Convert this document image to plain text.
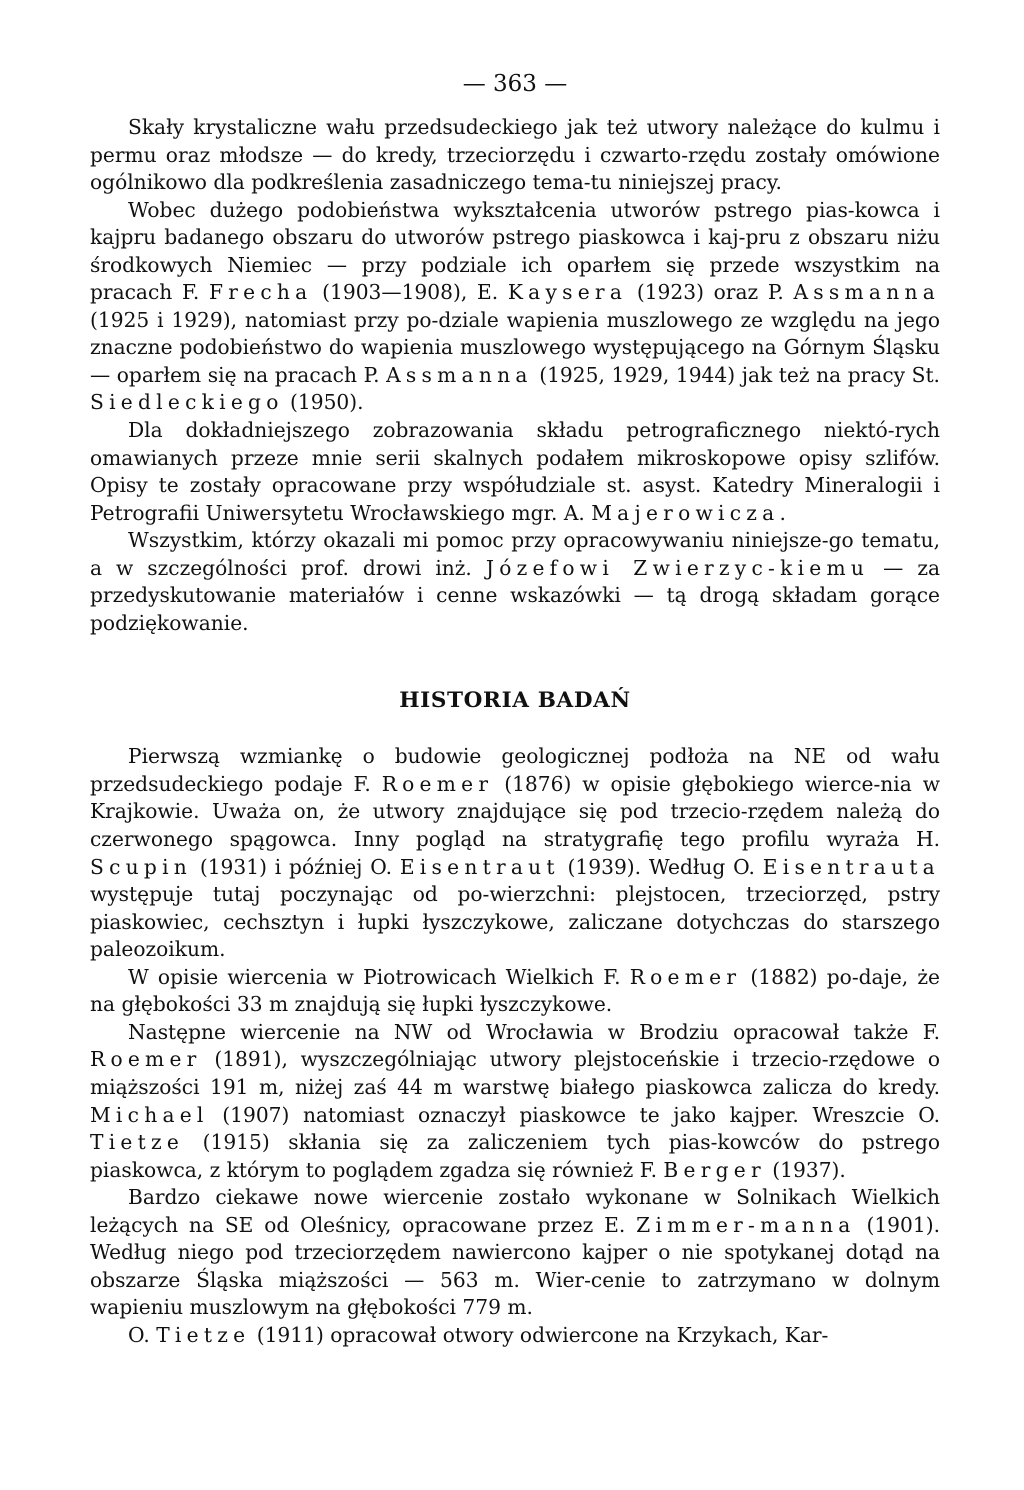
— 363 —

Skały krystaliczne wału przedsudeckiego jak też utwory należące do kulmu i permu oraz młodsze — do kredy, trzeciorzędu i czwarto-rzędu zostały omówione ogólnikowo dla podkreślenia zasadniczego tema-tu niniejszej pracy.

Wobec dużego podobieństwa wykształcenia utworów pstrego pias-kowca i kajpru badanego obszaru do utworów pstrego piaskowca i kaj-pru z obszaru niżu środkowych Niemiec — przy podziale ich oparłem się przede wszystkim na pracach F. Frecha (1903—1908), E. Kaysera (1923) oraz P. Assmanna (1925 i 1929), natomiast przy po-dziale wapienia muszlowego ze względu na jego znaczne podobieństwo do wapienia muszlowego występującego na Górnym Śląsku — oparłem się na pracach P. Assmanna (1925, 1929, 1944) jak też na pracy St. Siedleckiego (1950).

Dla dokładniejszego zobrazowania składu petrograficznego niektó-rych omawianych przeze mnie serii skalnych podałem mikroskopowe opisy szlifów. Opisy te zostały opracowane przy współudziale st. asyst. Katedry Mineralogii i Petrografii Uniwersytetu Wrocławskiego mgr. A. Majerowicza.

Wszystkim, którzy okazali mi pomoc przy opracowywaniu niniejsze-go tematu, a w szczególności prof. drowi inż. Józefowi Zwierzyc-kiemu — za przedyskutowanie materiałów i cenne wskazówki — tą drogą składam gorące podziękowanie.

HISTORIA BADAŃ

Pierwszą wzmiankę o budowie geologicznej podłoża na NE od wału przedsudeckiego podaje F. Roemer (1876) w opisie głębokiego wierce-nia w Krajkowie. Uważa on, że utwory znajdujące się pod trzecio-rzędem należą do czerwonego spągowca. Inny pogląd na stratygrafię tego profilu wyraża H. Scupin (1931) i później O. Eisentraut (1939). Według O. Eisentrauta występuje tutaj poczynając od po-wierzchni: plejstocen, trzeciorzęd, pstry piaskowiec, cechsztyn i łupki łyszczykowe, zaliczane dotychczas do starszego paleozoikum.

W opisie wiercenia w Piotrowicach Wielkich F. Roemer (1882) po-daje, że na głębokości 33 m znajdują się łupki łyszczykowe.

Następne wiercenie na NW od Wrocławia w Brodziu opracował także F. Roemer (1891), wyszczególniając utwory plejstoceńskie i trzecio-rzędowe o miąższości 191 m, niżej zaś 44 m warstwę białego piaskowca zalicza do kredy. Michael (1907) natomiast oznaczył piaskowce te jako kajper. Wreszcie O. Tietze (1915) skłania się za zaliczeniem tych pias-kowców do pstrego piaskowca, z którym to poglądem zgadza się również F. Berger (1937).

Bardzo ciekawe nowe wiercenie zostało wykonane w Solnikach Wielkich leżących na SE od Oleśnicy, opracowane przez E. Zimmer-manna (1901). Według niego pod trzeciorzędem nawiercono kajper o nie spotykanej dotąd na obszarze Śląska miąższości — 563 m. Wier-cenie to zatrzymano w dolnym wapieniu muszlowym na głębokości 779 m.

O. Tietze (1911) opracował otwory odwiercone na Krzykach, Kar-
